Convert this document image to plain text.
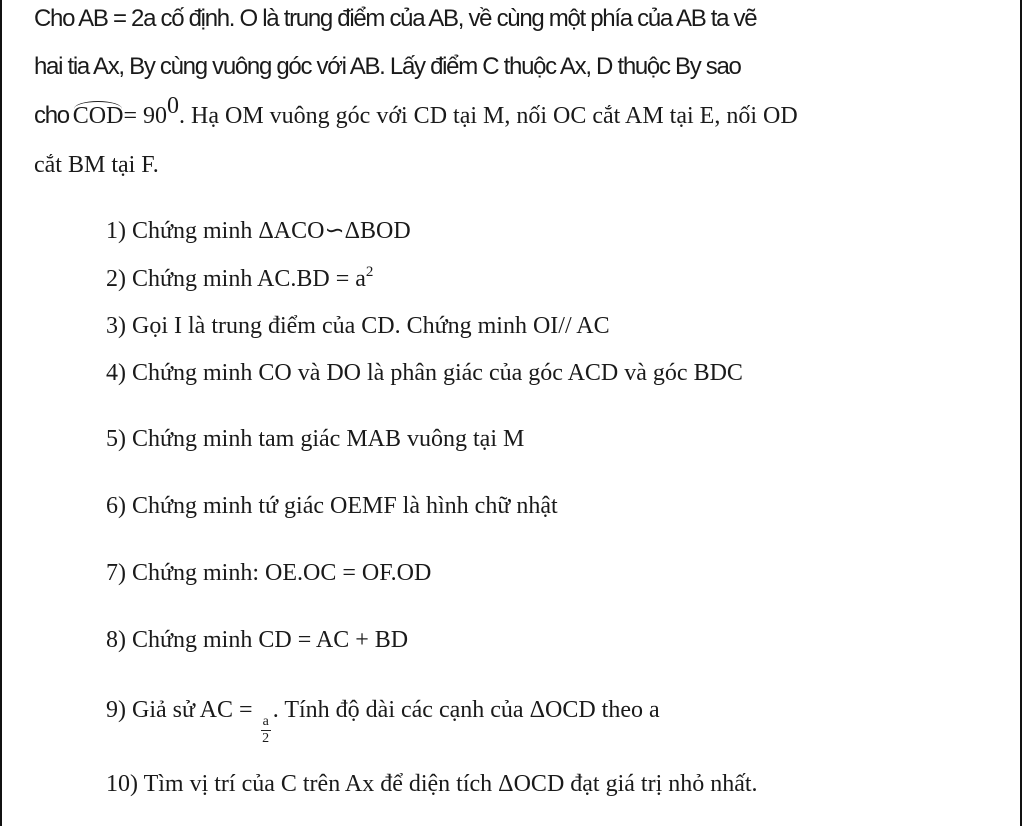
Cho AB = 2a cố định. O là trung điểm của AB, về cùng một phía của AB ta vẽ
hai tia Ax, By cùng vuông góc với AB. Lấy điểm C thuộc Ax, D thuộc By sao
cho $COD= 90^0$. Hạ OM vuông góc với CD tại M, nối OC cắt AM tại E, nối OD
cắt BM tại F.
1) Chứng minh ΔACO∽ΔBOD
2) Chứng minh $AC.BD = a^2$
3) Gọi I là trung điểm của CD. Chứng minh OI// AC
4) Chứng minh CO và DO là phân giác của góc ACD và góc BDC
5) Chứng minh tam giác MAB vuông tại M
6) Chứng minh tứ giác OEMF là hình chữ nhật
7) Chứng minh: OE.OC = OF.OD
8) Chứng minh CD = AC + BD
9) Giả sử AC =
$\frac{a}{2}$
. Tính độ dài các cạnh của ΔOCD theo a
10) Tìm vị trí của C trên Ax để diện tích ΔOCD đạt giá trị nhỏ nhất.
